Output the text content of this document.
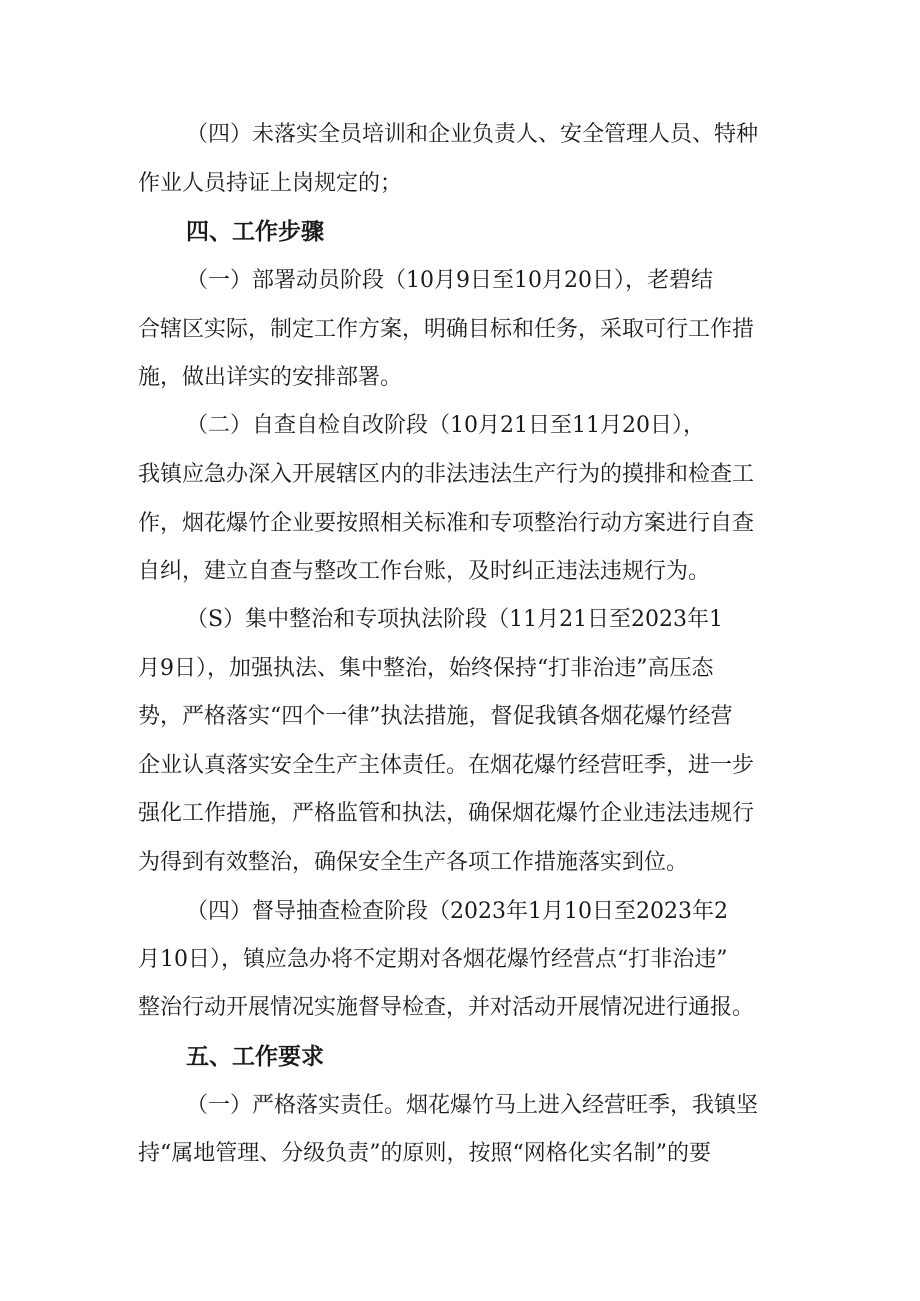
（四）未落实全员培训和企业负责人、安全管理人员、特种
作业人员持证上岗规定的；
四、工作步骤
（一）部署动员阶段（10月9日至10月20日），老碧结
合辖区实际，制定工作方案，明确目标和任务，采取可行工作措
施，做出详实的安排部署。
（二）自查自检自改阶段（10月21日至11月20日），
我镇应急办深入开展辖区内的非法违法生产行为的摸排和检查工
作，烟花爆竹企业要按照相关标准和专项整治行动方案进行自查
自纠，建立自查与整改工作台账，及时纠正违法违规行为。
（S）集中整治和专项执法阶段（11月21日至2023年1
月9日），加强执法、集中整治，始终保持“打非治违”高压态
势，严格落实“四个一律”执法措施，督促我镇各烟花爆竹经营
企业认真落实安全生产主体责任。在烟花爆竹经营旺季，进一步
强化工作措施，严格监管和执法，确保烟花爆竹企业违法违规行
为得到有效整治，确保安全生产各项工作措施落实到位。
（四）督导抽查检查阶段（2023年1月10日至2023年2
月10日），镇应急办将不定期对各烟花爆竹经营点“打非治违”
整治行动开展情况实施督导检查，并对活动开展情况进行通报。
五、工作要求
（一）严格落实责任。烟花爆竹马上进入经营旺季，我镇坚
持“属地管理、分级负责”的原则，按照“网格化实名制”的要
